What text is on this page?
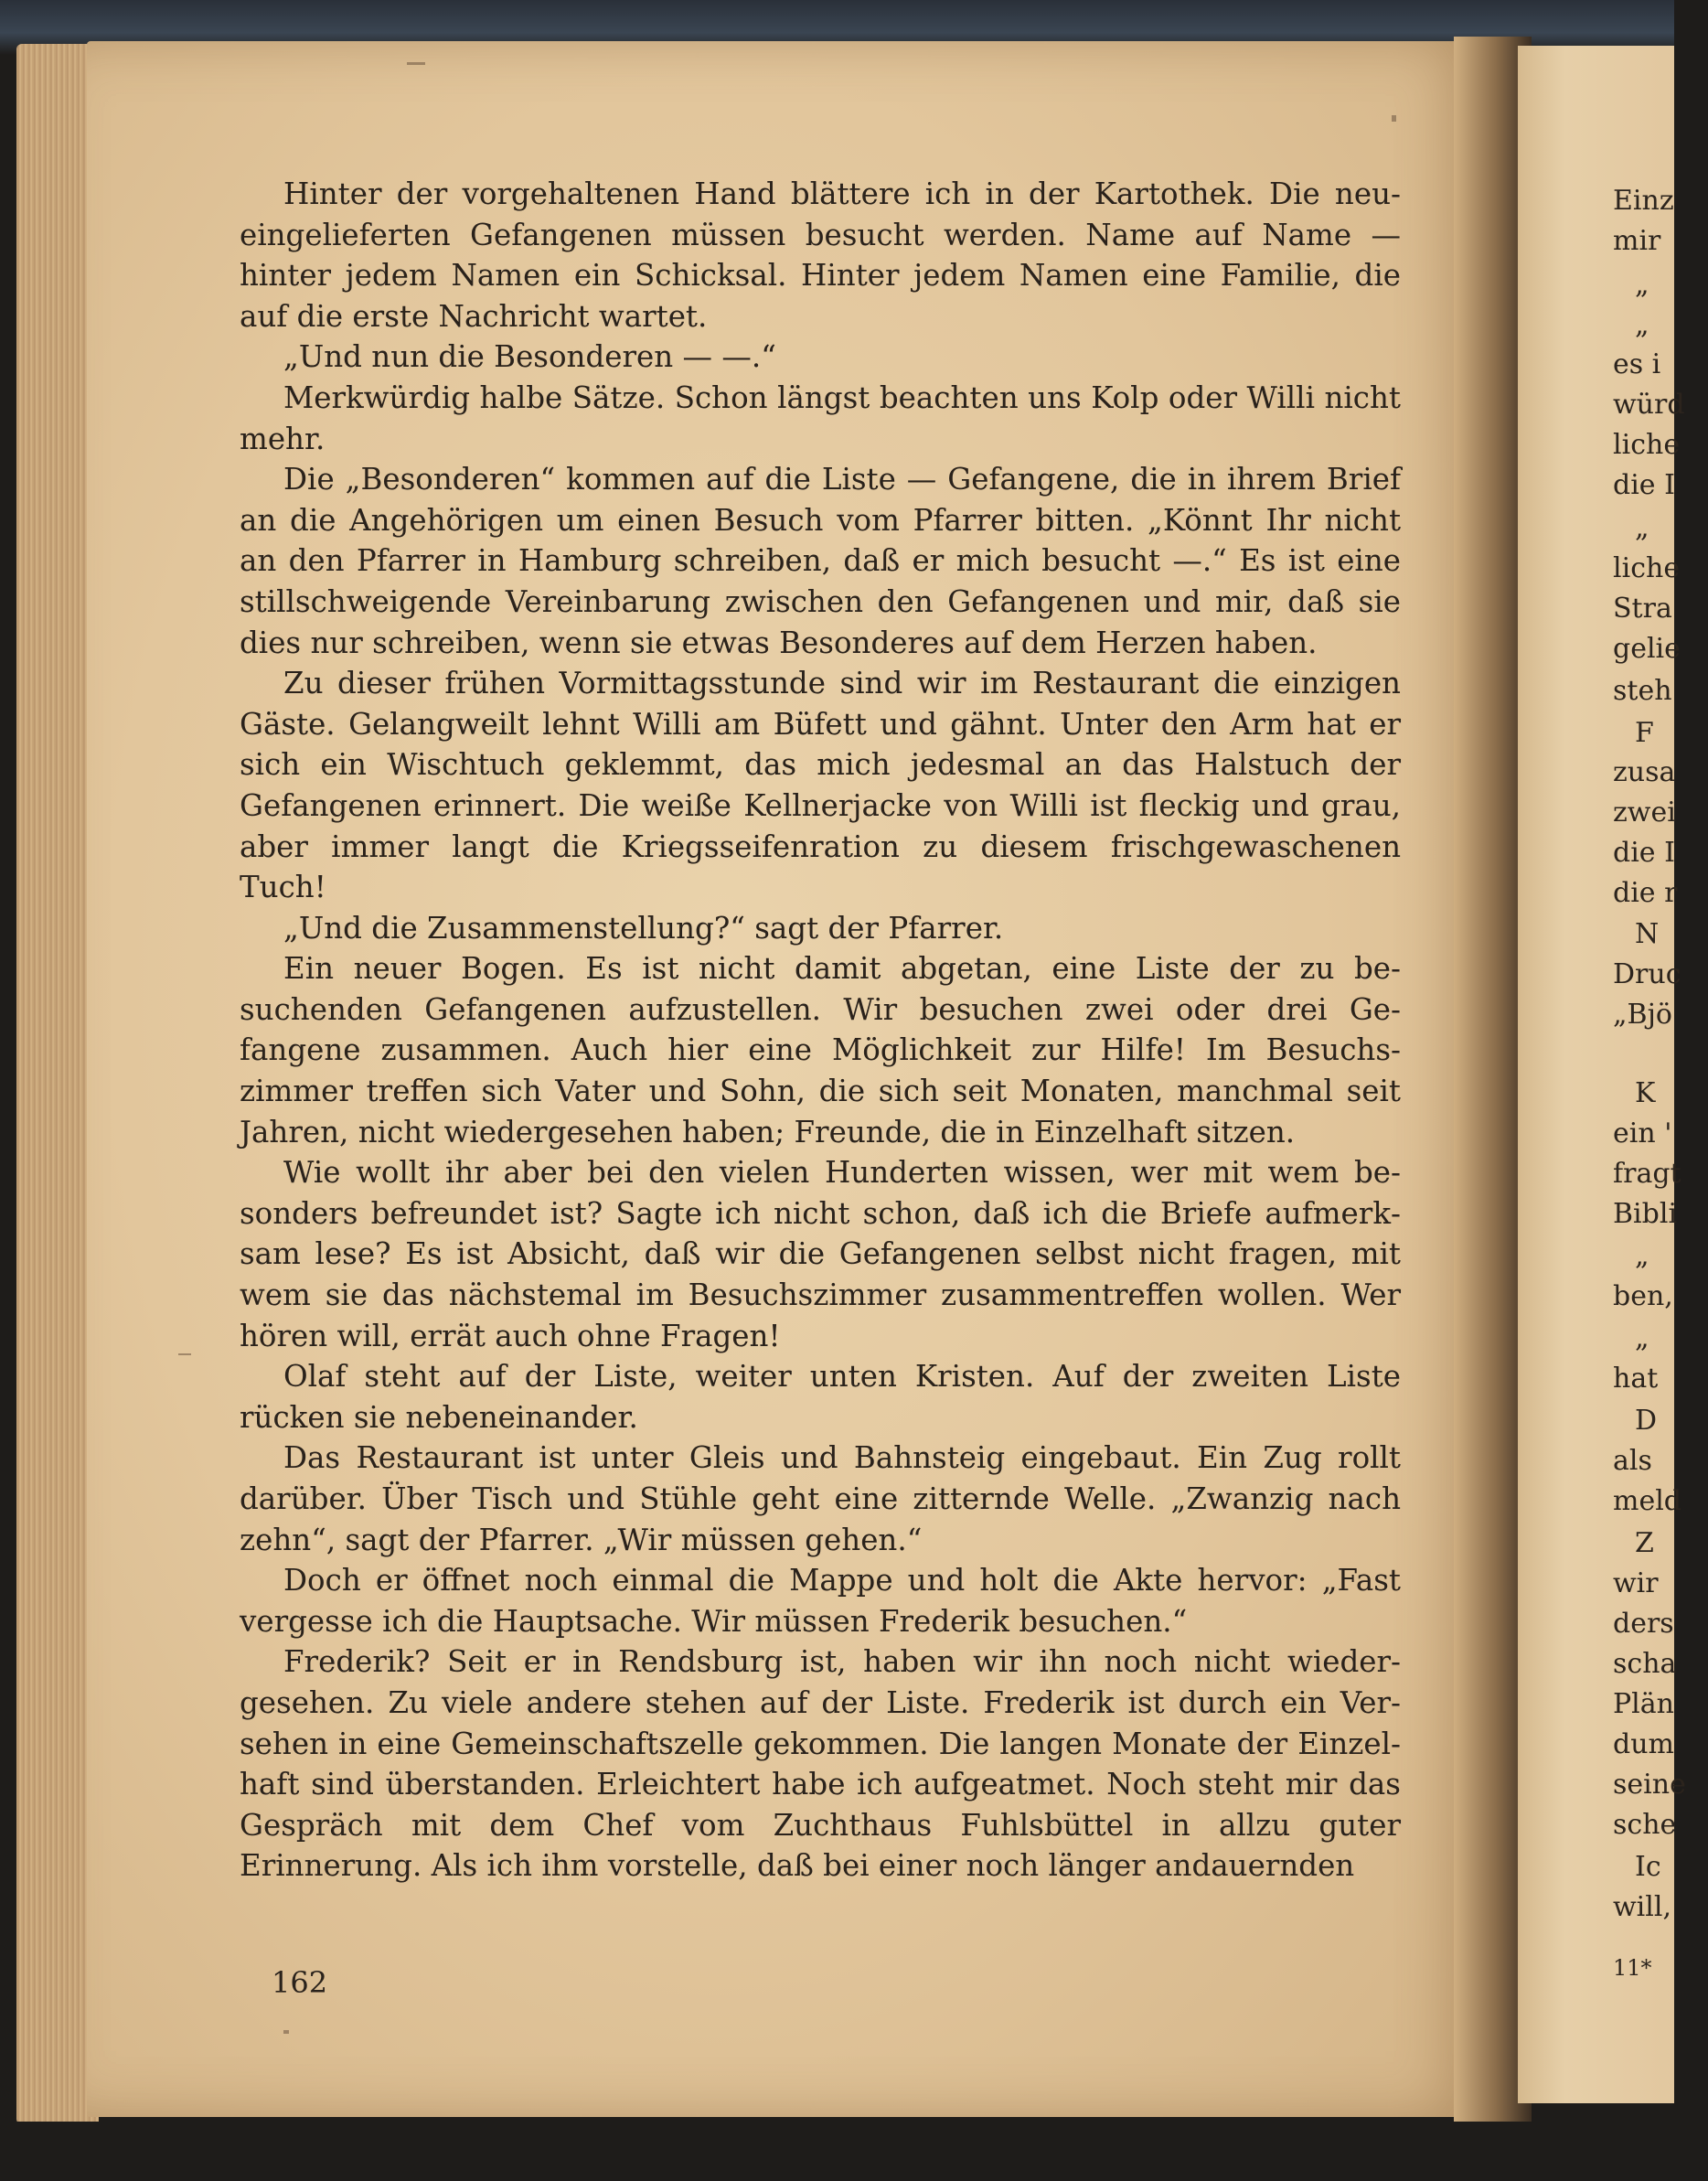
Einz
mir
„
„
es i
würd
liche
die I
„
liche
Stra
gelie
steh
F
zusa
zwei
die I
die r
N
Druc
„Bjö
K
ein '
fragt
Bibli
„
ben,
„
hat
D
als
meld
Z
wir
ders
scha
Plän
dum
seine
sche
Ic
will,
11*

Hinter der vorgehaltenen Hand blättere ich in der Kartothek. Die neueingelieferten Gefangenen müssen besucht werden. Name auf Name — hinter jedem Namen ein Schicksal. Hinter jedem Namen eine Familie, die auf die erste Nachricht wartet.

„Und nun die Besonderen — —.“

Merkwürdig halbe Sätze. Schon längst beachten uns Kolp oder Willi nicht mehr.

Die „Besonderen“ kommen auf die Liste — Gefangene, die in ihrem Brief an die Angehörigen um einen Besuch vom Pfarrer bitten. „Könnt Ihr nicht an den Pfarrer in Hamburg schreiben, daß er mich besucht —.“ Es ist eine stillschweigende Vereinbarung zwischen den Gefangenen und mir, daß sie dies nur schreiben, wenn sie etwas Besonderes auf dem Herzen haben.

Zu dieser frühen Vormittagsstunde sind wir im Restaurant die einzigen Gäste. Gelangweilt lehnt Willi am Büfett und gähnt. Unter den Arm hat er sich ein Wischtuch geklemmt, das mich jedesmal an das Halstuch der Gefangenen erinnert. Die weiße Kellnerjacke von Willi ist fleckig und grau, aber immer langt die Kriegsseifenration zu diesem frischgewaschenen Tuch!

„Und die Zusammenstellung?“ sagt der Pfarrer.

Ein neuer Bogen. Es ist nicht damit abgetan, eine Liste der zu besuchenden Gefangenen aufzustellen. Wir besuchen zwei oder drei Gefangene zusammen. Auch hier eine Möglichkeit zur Hilfe! Im Besuchszimmer treffen sich Vater und Sohn, die sich seit Monaten, manchmal seit Jahren, nicht wiedergesehen haben; Freunde, die in Einzelhaft sitzen.

Wie wollt ihr aber bei den vielen Hunderten wissen, wer mit wem besonders befreundet ist? Sagte ich nicht schon, daß ich die Briefe aufmerksam lese? Es ist Absicht, daß wir die Gefangenen selbst nicht fragen, mit wem sie das nächstemal im Besuchszimmer zusammentreffen wollen. Wer hören will, errät auch ohne Fragen!

Olaf steht auf der Liste, weiter unten Kristen. Auf der zweiten Liste rücken sie nebeneinander.

Das Restaurant ist unter Gleis und Bahnsteig eingebaut. Ein Zug rollt darüber. Über Tisch und Stühle geht eine zitternde Welle. „Zwanzig nach zehn“, sagt der Pfarrer. „Wir müssen gehen.“

Doch er öffnet noch einmal die Mappe und holt die Akte hervor: „Fast vergesse ich die Hauptsache. Wir müssen Frederik besuchen.“

Frederik? Seit er in Rendsburg ist, haben wir ihn noch nicht wiedergesehen. Zu viele andere stehen auf der Liste. Frederik ist durch ein Versehen in eine Gemeinschaftszelle gekommen. Die langen Monate der Einzelhaft sind überstanden. Erleichtert habe ich aufgeatmet. Noch steht mir das Gespräch mit dem Chef vom Zuchthaus Fuhlsbüttel in allzu guter Erinnerung. Als ich ihm vorstelle, daß bei einer noch länger andauernden

162
